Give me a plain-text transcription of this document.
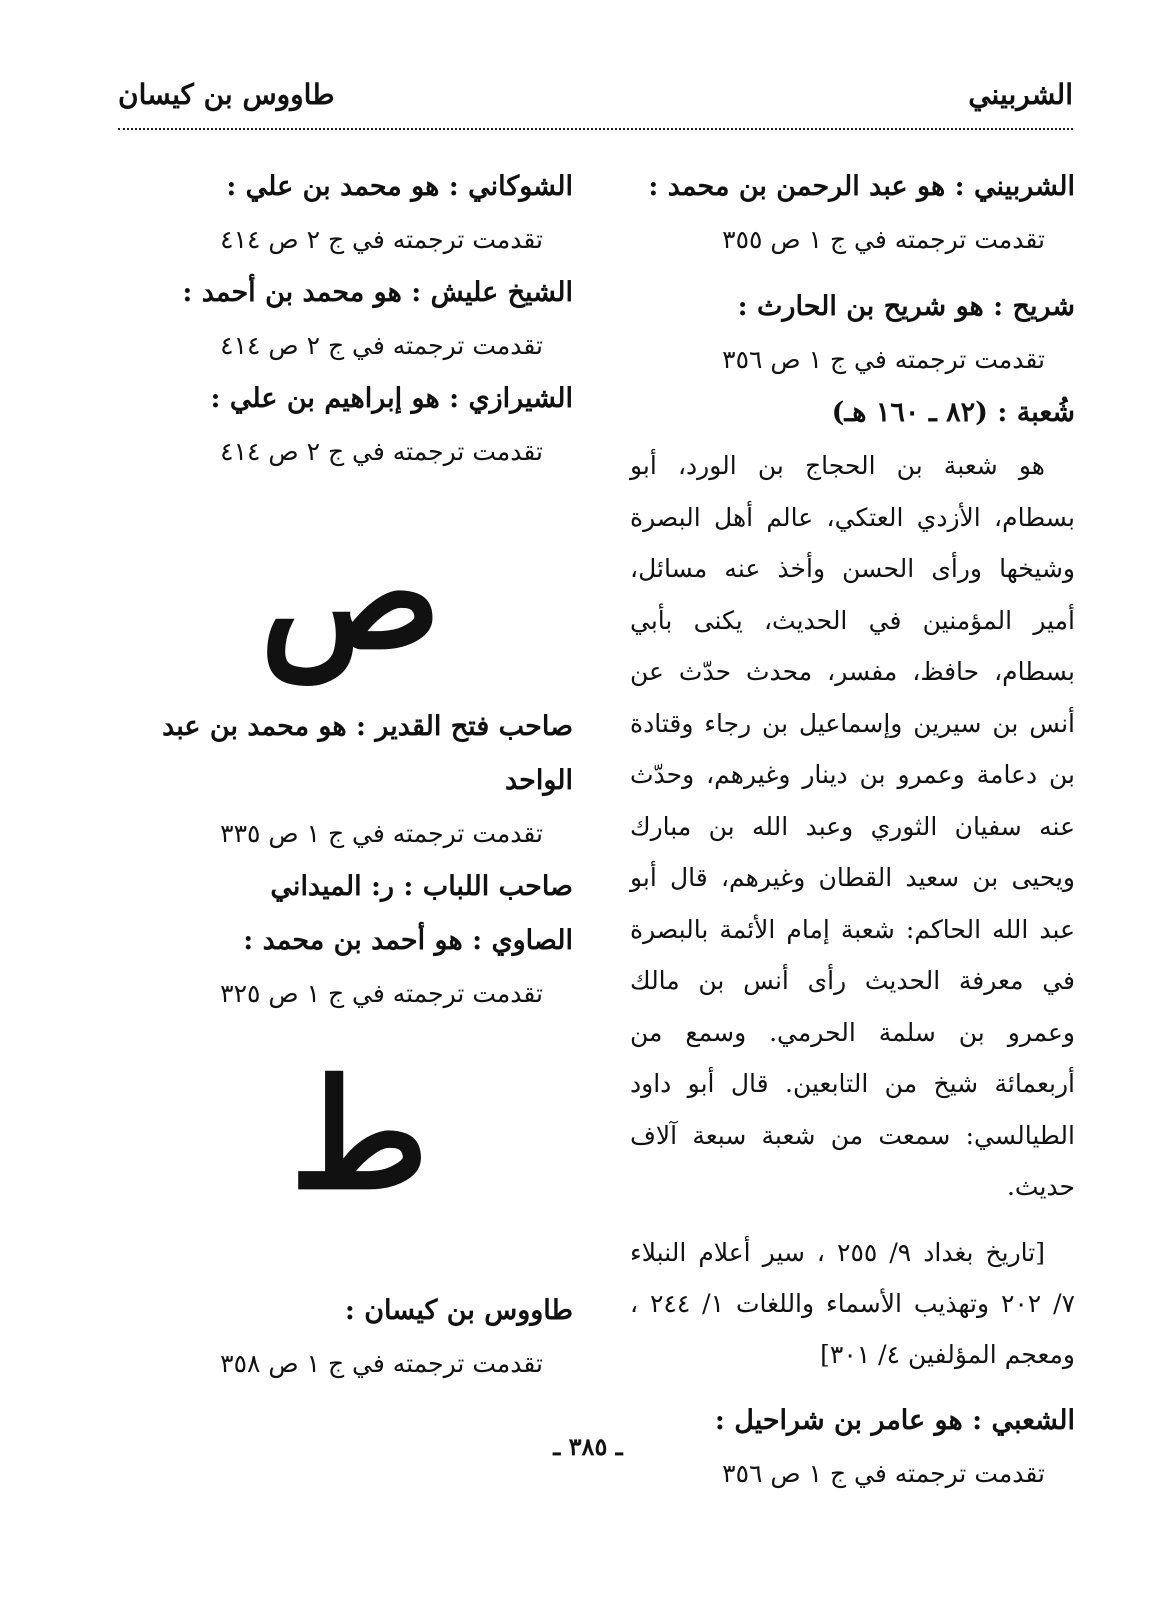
الشربيني
طاووس بن كيسان
الشربيني : هو عبد الرحمن بن محمد :
تقدمت ترجمته في ج ١ ص ٣٥٥
شريح : هو شريح بن الحارث :
تقدمت ترجمته في ج ١ ص ٣٥٦
شُعبة : (٨٢ ـ ١٦٠ هـ)
هو شعبة بن الحجاج بن الورد، أبو بسطام، الأزدي العتكي، عالم أهل البصرة وشيخها ورأى الحسن وأخذ عنه مسائل، أمير المؤمنين في الحديث، يكنى بأبي بسطام، حافظ، مفسر، محدث حدّث عن أنس بن سيرين وإسماعيل بن رجاء وقتادة بن دعامة وعمرو بن دينار وغيرهم، وحدّث عنه سفيان الثوري وعبد الله بن مبارك ويحيى بن سعيد القطان وغيرهم، قال أبو عبد الله الحاكم: شعبة إمام الأئمة بالبصرة في معرفة الحديث رأى أنس بن مالك وعمرو بن سلمة الحرمي. وسمع من أربعمائة شيخ من التابعين. قال أبو داود الطيالسي: سمعت من شعبة سبعة آلاف حديث.
[تاريخ بغداد ٩/ ٢٥٥ ، سير أعلام النبلاء ٧/ ٢٠٢ وتهذيب الأسماء واللغات ١/ ٢٤٤ ، ومعجم المؤلفين ٤/ ٣٠١]
الشعبي : هو عامر بن شراحيل :
تقدمت ترجمته في ج ١ ص ٣٥٦
الشوكاني : هو محمد بن علي :
تقدمت ترجمته في ج ٢ ص ٤١٤
الشيخ عليش : هو محمد بن أحمد :
تقدمت ترجمته في ج ٢ ص ٤١٤
الشيرازي : هو إبراهيم بن علي :
تقدمت ترجمته في ج ٢ ص ٤١٤
ص
صاحب فتح القدير : هو محمد بن عبد الواحد
تقدمت ترجمته في ج ١ ص ٣٣٥
صاحب اللباب : ر: الميداني
الصاوي : هو أحمد بن محمد :
تقدمت ترجمته في ج ١ ص ٣٢٥
ط
طاووس بن كيسان :
تقدمت ترجمته في ج ١ ص ٣٥٨
ـ ٣٨٥ ـ
